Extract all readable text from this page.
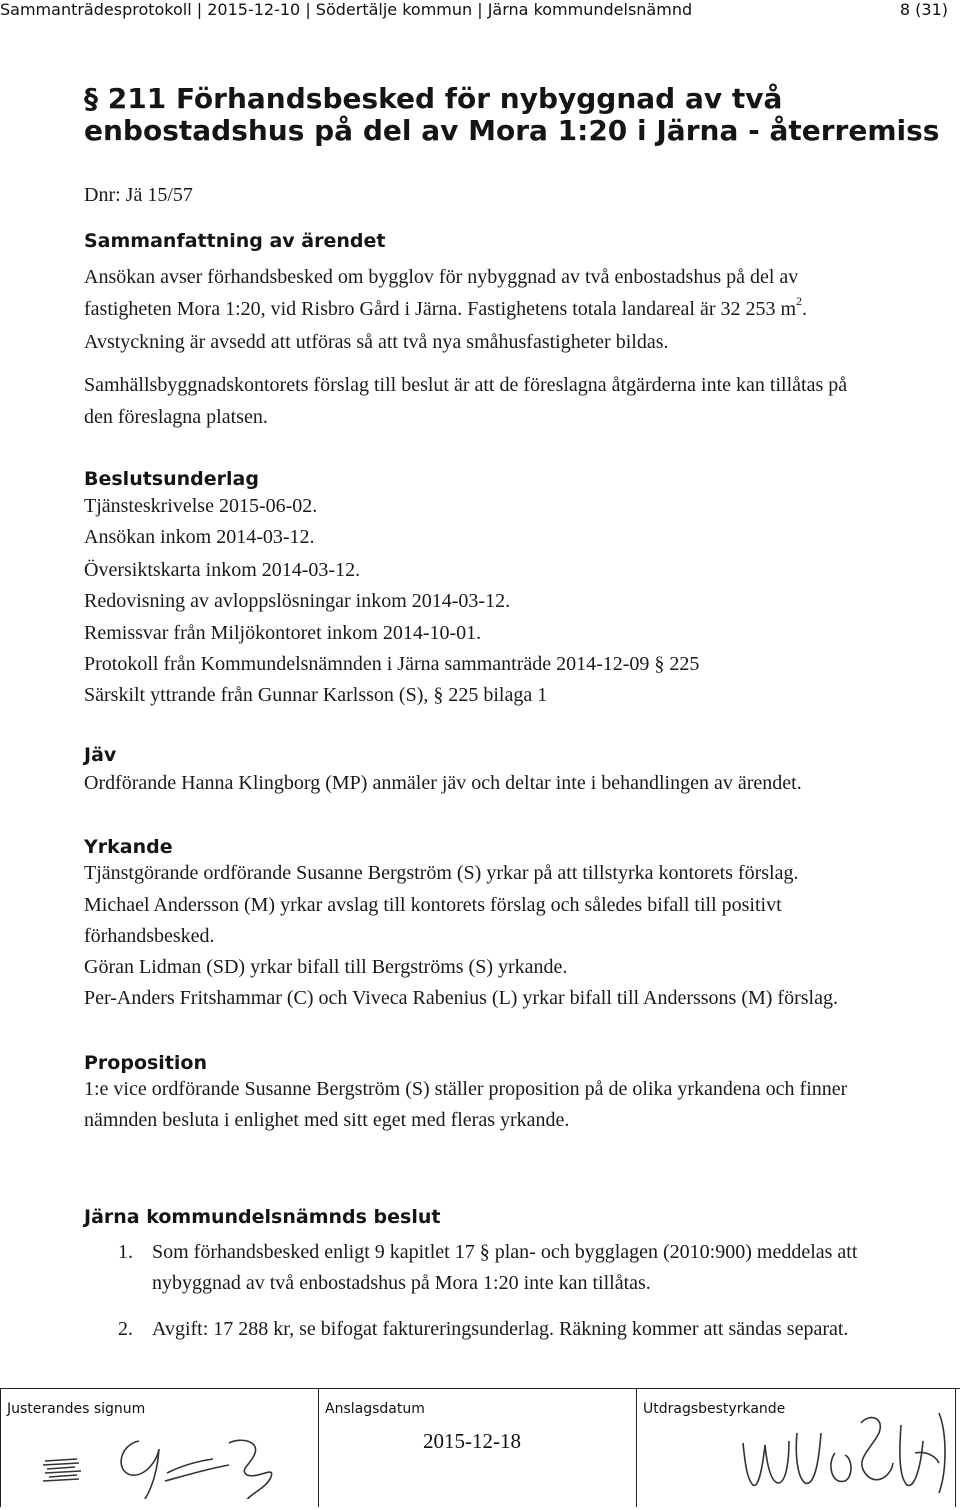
Sammanträdesprotokoll | 2015-12-10 | Södertälje kommun | Järna kommundelsnämnd	8 (31)
§ 211 Förhandsbesked för nybyggnad av två
enbostadshus på del av Mora 1:20 i Järna - återremiss
Dnr: Jä 15/57
Sammanfattning av ärendet
Ansökan avser förhandsbesked om bygglov för nybyggnad av två enbostadshus på del av
fastigheten Mora 1:20, vid Risbro Gård i Järna. Fastighetens totala landareal är 32 253 $m^2$.
Avstyckning är avsedd att utföras så att två nya småhusfastigheter bildas.
Samhällsbyggnadskontorets förslag till beslut är att de föreslagna åtgärderna inte kan tillåtas på
den föreslagna platsen.
Beslutsunderlag
Tjänsteskrivelse 2015-06-02.
Ansökan inkom 2014-03-12.
Översiktskarta inkom 2014-03-12.
Redovisning av avloppslösningar inkom 2014-03-12.
Remissvar från Miljökontoret inkom 2014-10-01.
Protokoll från Kommundelsnämnden i Järna sammanträde 2014-12-09 § 225
Särskilt yttrande från Gunnar Karlsson (S), § 225 bilaga 1
Jäv
Ordförande Hanna Klingborg (MP) anmäler jäv och deltar inte i behandlingen av ärendet.
Yrkande
Tjänstgörande ordförande Susanne Bergström (S) yrkar på att tillstyrka kontorets förslag.
Michael Andersson (M) yrkar avslag till kontorets förslag och således bifall till positivt
förhandsbesked.
Göran Lidman (SD) yrkar bifall till Bergströms (S) yrkande.
Per-Anders Fritshammar (C) och Viveca Rabenius (L) yrkar bifall till Anderssons (M) förslag.
Proposition
1:e vice ordförande Susanne Bergström (S) ställer proposition på de olika yrkandena och finner
nämnden besluta i enlighet med sitt eget med fleras yrkande.
Järna kommundelsnämnds beslut
1. Som förhandsbesked enligt 9 kapitlet 17 § plan- och bygglagen (2010:900) meddelas att
nybyggnad av två enbostadshus på Mora 1:20 inte kan tillåtas.
2. Avgift: 17 288 kr, se bifogat faktureringsunderlag. Räkning kommer att sändas separat.
Justerandes signum	Anslagsdatum
2015-12-18
Utdragsbestyrkande
